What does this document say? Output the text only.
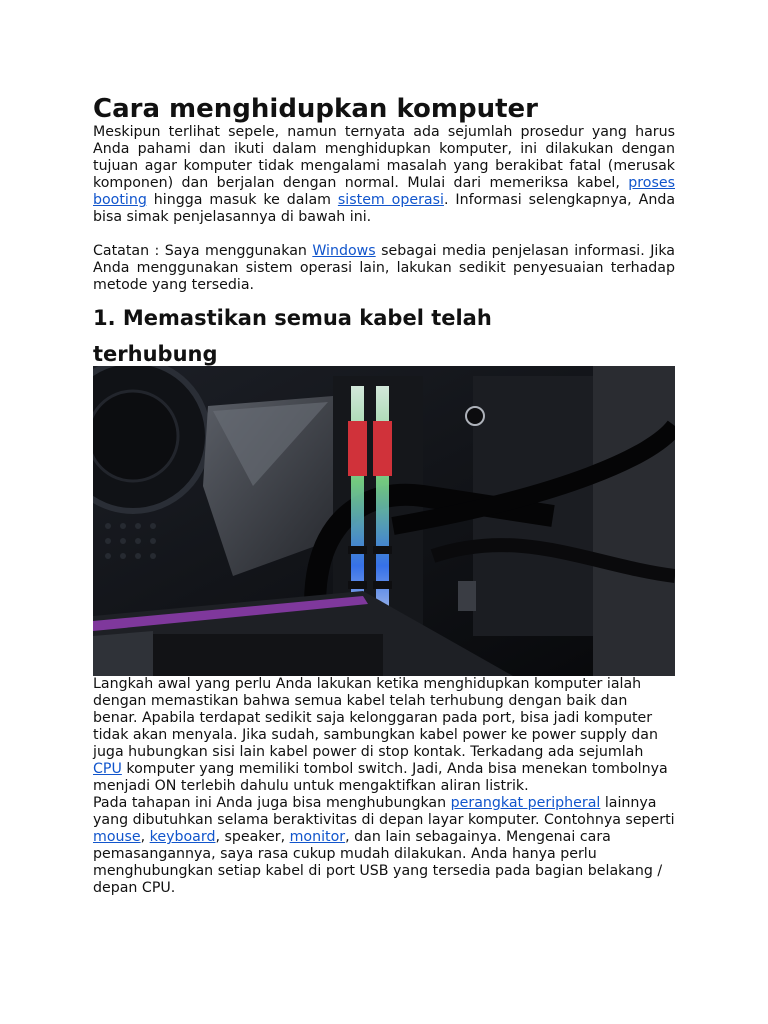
Cara menghidupkan komputer
Meskipun terlihat sepele, namun ternyata ada sejumlah prosedur yang harus Anda pahami dan ikuti dalam menghidupkan komputer, ini dilakukan dengan tujuan agar komputer tidak mengalami masalah yang berakibat fatal (merusak komponen) dan berjalan dengan normal. Mulai dari memeriksa kabel, proses booting hingga masuk ke dalam sistem operasi. Informasi selengkapnya, Anda bisa simak penjelasannya di bawah ini.
Catatan : Saya menggunakan Windows sebagai media penjelasan informasi. Jika Anda menggunakan sistem operasi lain, lakukan sedikit penyesuaian terhadap metode yang tersedia.
1. Memastikan semua kabel telah terhubung

Langkah awal yang perlu Anda lakukan ketika menghidupkan komputer ialah dengan memastikan bahwa semua kabel telah terhubung dengan baik dan benar. Apabila terdapat sedikit saja kelonggaran pada port, bisa jadi komputer tidak akan menyala. Jika sudah, sambungkan kabel power ke power supply dan juga hubungkan sisi lain kabel power di stop kontak. Terkadang ada sejumlah CPU komputer yang memiliki tombol switch. Jadi, Anda bisa menekan tombolnya menjadi ON terlebih dahulu untuk mengaktifkan aliran listrik.

Pada tahapan ini Anda juga bisa menghubungkan perangkat peripheral lainnya yang dibutuhkan selama beraktivitas di depan layar komputer. Contohnya seperti mouse, keyboard, speaker, monitor, dan lain sebagainya. Mengenai cara pemasangannya, saya rasa cukup mudah dilakukan. Anda hanya perlu menghubungkan setiap kabel di port USB yang tersedia pada bagian belakang / depan CPU.
